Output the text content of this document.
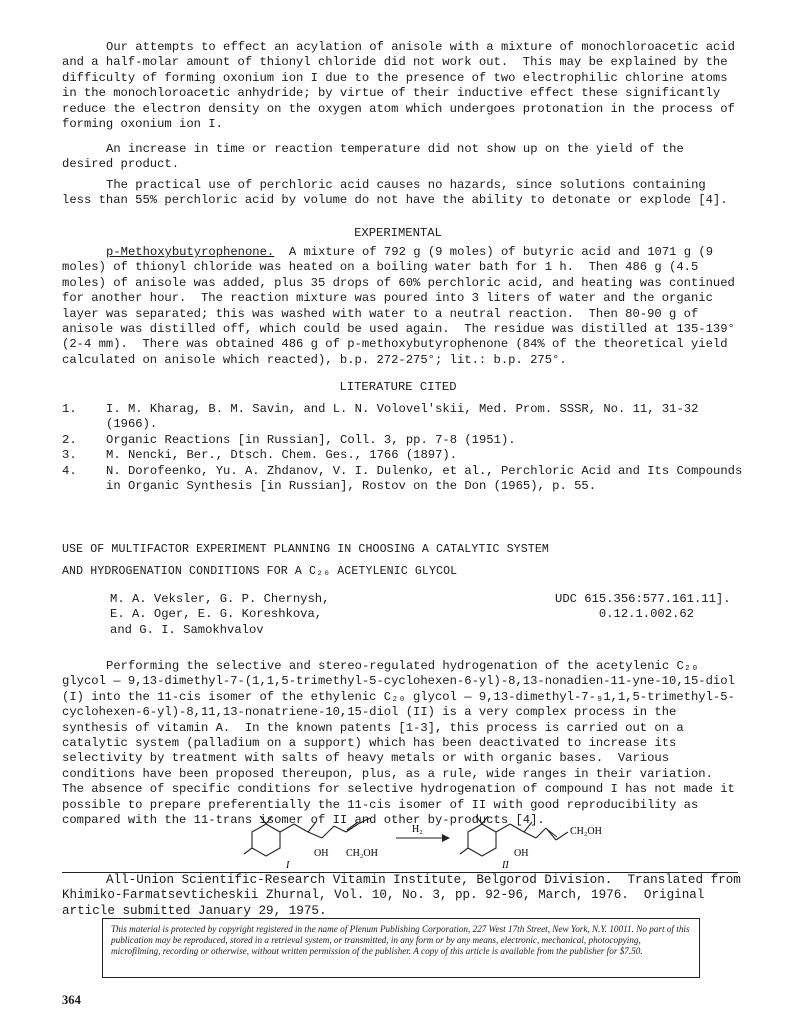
Our attempts to effect an acylation of anisole with a mixture of monochloroacetic acid and a half-molar amount of thionyl chloride did not work out.  This may be explained by the difficulty of forming oxonium ion I due to the presence of two electrophilic chlorine atoms in the monochloroacetic anhydride; by virtue of their inductive effect these significantly reduce the electron density on the oxygen atom which undergoes protonation in the process of forming oxonium ion I.

An increase in time or reaction temperature did not show up on the yield of the desired product.

The practical use of perchloric acid causes no hazards, since solutions containing less than 55% perchloric acid by volume do not have the ability to detonate or explode [4].

EXPERIMENTAL

p-Methoxybutyrophenone. A mixture of 792 g (9 moles) of butyric acid and 1071 g (9 moles) of thionyl chloride was heated on a boiling water bath for 1 h.  Then 486 g (4.5 moles) of anisole was added, plus 35 drops of 60% perchloric acid, and heating was continued for another hour.  The reaction mixture was poured into 3 liters of water and the organic layer was separated; this was washed with water to a neutral reaction.  Then 80-90 g of anisole was distilled off, which could be used again.  The residue was distilled at 135-139° (2-4 mm).  There was obtained 486 g of p-methoxybutyrophenone (84% of the theoretical yield calculated on anisole which reacted), b.p. 272-275°; lit.: b.p. 275°.

LITERATURE CITED
1. I. M. Kharag, B. M. Savin, and L. N. Volovel'skii, Med. Prom. SSSR, No. 11, 31-32 (1966).
2. Organic Reactions [in Russian], Coll. 3, pp. 7-8 (1951).
3. M. Nencki, Ber., Dtsch. Chem. Ges., 1766 (1897).
4. N. Dorofeenko, Yu. A. Zhdanov, V. I. Dulenko, et al., Perchloric Acid and Its Compounds in Organic Synthesis [in Russian], Rostov on the Don (1965), p. 55.
USE OF MULTIFACTOR EXPERIMENT PLANNING IN CHOOSING A CATALYTIC SYSTEM
AND HYDROGENATION CONDITIONS FOR A C₂₀ ACETYLENIC GLYCOL
M. A. Veksler, G. P. Chernysh,
E. A. Oger, E. G. Koreshkova,
and G. I. Samokhvalov
UDC 615.356:577.161.11].
0.12.1.002.62

Performing the selective and stereo-regulated hydrogenation of the acetylenic C₂₀ glycol — 9,13-dimethyl-7-(1,1,5-trimethyl-5-cyclohexen-6-yl)-8,13-nonadien-11-yne-10,15-diol (I) into the 11-cis isomer of the ethylenic C₂₀ glycol — 9,13-dimethyl-7-₉1,1,5-trimethyl-5-cyclohexen-6-yl)-8,11,13-nonatriene-10,15-diol (II) is a very complex process in the synthesis of vitamin A.  In the known patents [1-3], this process is carried out on a catalytic system (palladium on a support) which has been deactivated to increase its selectivity by treatment with salts of heavy metals or with organic bases.  Various conditions have been proposed thereupon, plus, as a rule, wide ranges in their variation.  The absence of specific conditions for selective hydrogenation of compound I has not made it possible to prepare preferentially the 11-cis isomer of II with good reproducibility as compared with the 11-trans isomer of II and other by-products [4].

OH CH₂OH
I
H₂
OH
CH₂OH
II
All-Union Scientific-Research Vitamin Institute, Belgorod Division.  Translated from Khimiko-Farmatsevticheskii Zhurnal, Vol. 10, No. 3, pp. 92-96, March, 1976.  Original article submitted January 29, 1975.
This material is protected by copyright registered in the name of Plenum Publishing Corporation, 227 West 17th Street, New York, N.Y. 10011. No part of this publication may be reproduced, stored in a retrieval system, or transmitted, in any form or by any means, electronic, mechanical, photocopying, microfilming, recording or otherwise, without written permission of the publisher. A copy of this article is available from the publisher for $7.50.
364
